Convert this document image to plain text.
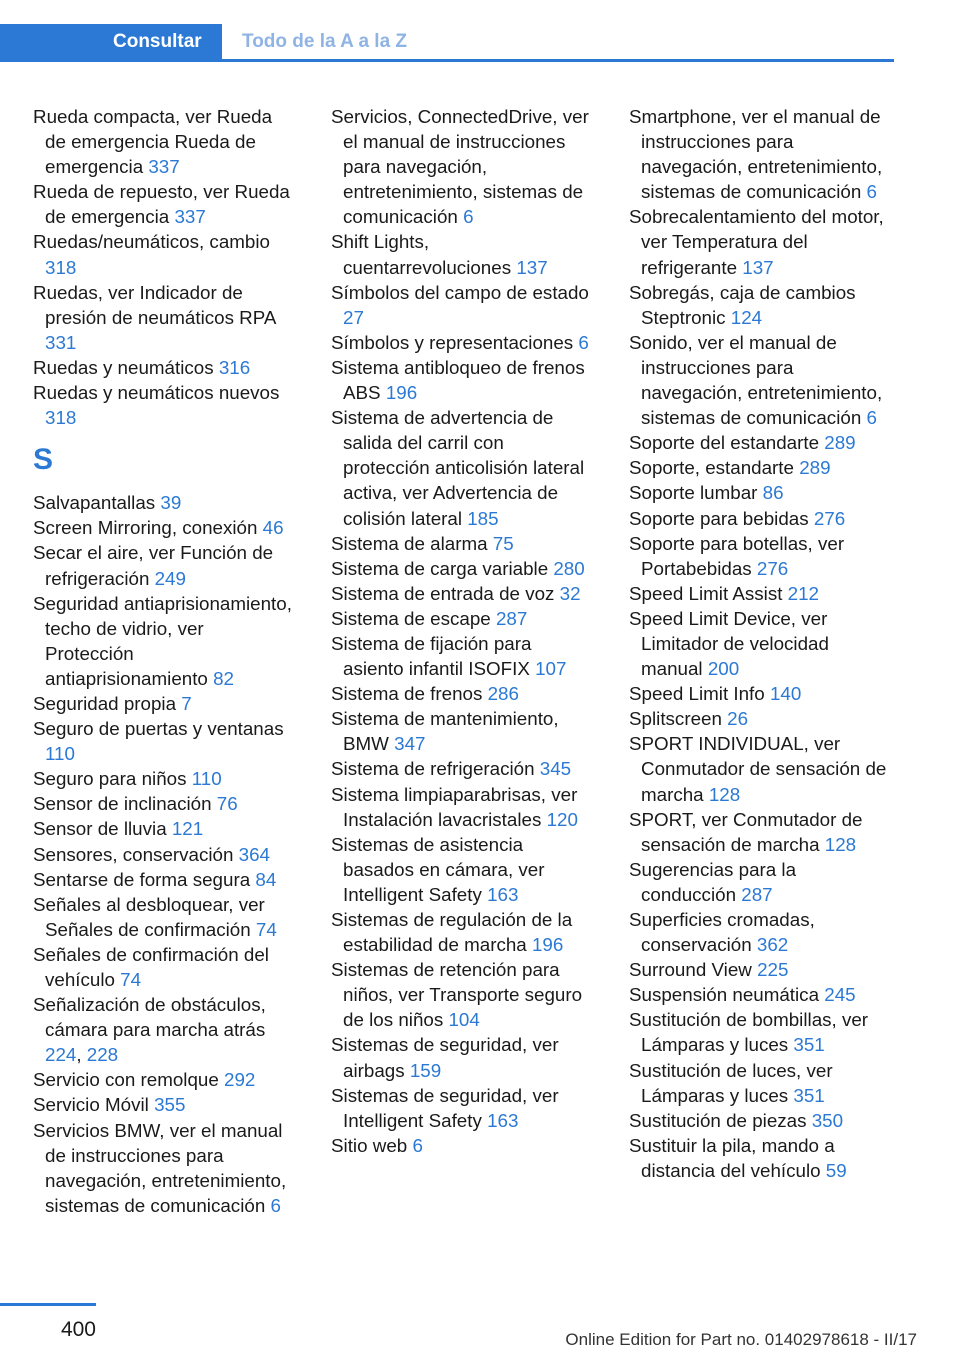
Consultar	Todo de la A a la Z

Rueda compacta, ver Rueda de emergencia Rueda de emergencia 337

Rueda de repuesto, ver Rueda de emergencia 337

Ruedas/neumáticos, cambio 318

Ruedas, ver Indicador de presión de neumáticos RPA 331

Ruedas y neumáticos 316

Ruedas y neumáticos nuevos 318

S

Salvapantallas 39

Screen Mirroring, conexión 46

Secar el aire, ver Función de refrigeración 249

Seguridad antiaprisionamiento, techo de vidrio, ver Protección antiaprisionamiento 82

Seguridad propia 7

Seguro de puertas y ventanas 110

Seguro para niños 110

Sensor de inclinación 76

Sensor de lluvia 121

Sensores, conservación 364

Sentarse de forma segura 84

Señales al desbloquear, ver Señales de confirmación 74

Señales de confirmación del vehículo 74

Señalización de obstáculos, cámara para marcha atrás 224, 228

Servicio con remolque 292

Servicio Móvil 355

Servicios BMW, ver el manual de instrucciones para navegación, entretenimiento, sistemas de comunicación 6

Servicios, ConnectedDrive, ver el manual de instrucciones para navegación, entretenimiento, sistemas de comunicación 6

Shift Lights, cuentarrevoluciones 137

Símbolos del campo de estado 27

Símbolos y representaciones 6

Sistema antibloqueo de frenos ABS 196

Sistema de advertencia de salida del carril con protección anticolisión lateral activa, ver Advertencia de colisión lateral 185

Sistema de alarma 75

Sistema de carga variable 280

Sistema de entrada de voz 32

Sistema de escape 287

Sistema de fijación para asiento infantil ISOFIX 107

Sistema de frenos 286

Sistema de mantenimiento, BMW 347

Sistema de refrigeración 345

Sistema limpiaparabrisas, ver Instalación lavacristales 120

Sistemas de asistencia basados en cámara, ver Intelligent Safety 163

Sistemas de regulación de la estabilidad de marcha 196

Sistemas de retención para niños, ver Transporte seguro de los niños 104

Sistemas de seguridad, ver airbags 159

Sistemas de seguridad, ver Intelligent Safety 163

Sitio web 6

Smartphone, ver el manual de instrucciones para navegación, entretenimiento, sistemas de comunicación 6

Sobrecalentamiento del motor, ver Temperatura del refrigerante 137

Sobregás, caja de cambios Steptronic 124

Sonido, ver el manual de instrucciones para navegación, entretenimiento, sistemas de comunicación 6

Soporte del estandarte 289

Soporte, estandarte 289

Soporte lumbar 86

Soporte para bebidas 276

Soporte para botellas, ver Portabebidas 276

Speed Limit Assist 212

Speed Limit Device, ver Limitador de velocidad manual 200

Speed Limit Info 140

Splitscreen 26

SPORT INDIVIDUAL, ver Conmutador de sensación de marcha 128

SPORT, ver Conmutador de sensación de marcha 128

Sugerencias para la conducción 287

Superficies cromadas, conservación 362

Surround View 225

Suspensión neumática 245

Sustitución de bombillas, ver Lámparas y luces 351

Sustitución de luces, ver Lámparas y luces 351

Sustitución de piezas 350

Sustituir la pila, mando a distancia del vehículo 59

400	Online Edition for Part no. 01402978618 - II/17
